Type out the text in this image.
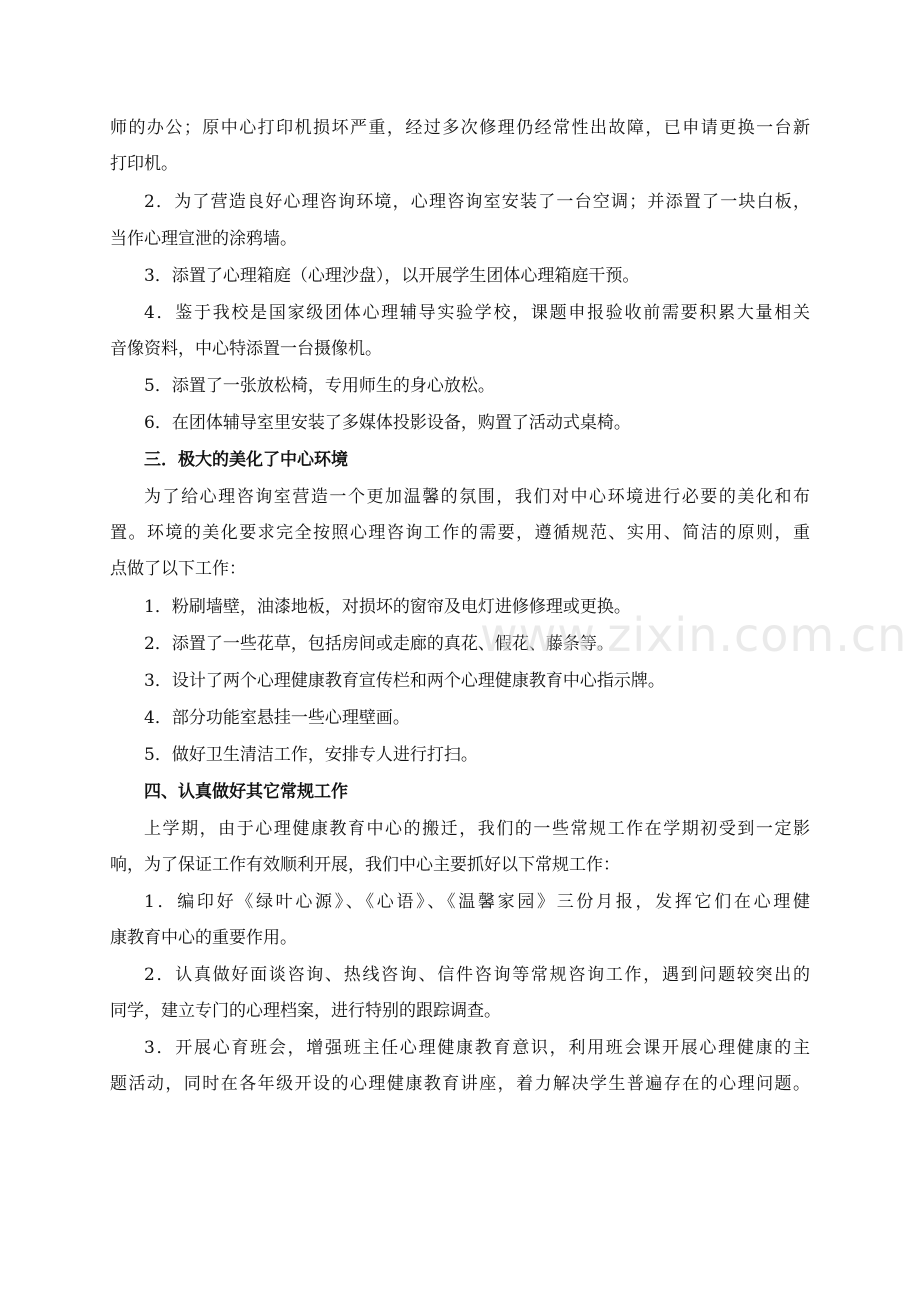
师的办公；原中心打印机损坏严重，经过多次修理仍经常性出故障，已申请更换一台新
打印机。
2．为了营造良好心理咨询环境，心理咨询室安装了一台空调；并添置了一块白板，
当作心理宣泄的涂鸦墙。
3．添置了心理箱庭（心理沙盘），以开展学生团体心理箱庭干预。
4．鉴于我校是国家级团体心理辅导实验学校，课题申报验收前需要积累大量相关
音像资料，中心特添置一台摄像机。
5．添置了一张放松椅，专用师生的身心放松。
6．在团体辅导室里安装了多媒体投影设备，购置了活动式桌椅。
三．极大的美化了中心环境
为了给心理咨询室营造一个更加温馨的氛围，我们对中心环境进行必要的美化和布
置。环境的美化要求完全按照心理咨询工作的需要，遵循规范、实用、简洁的原则，重
点做了以下工作：
1．粉刷墙壁，油漆地板，对损坏的窗帘及电灯进修修理或更换。
2．添置了一些花草，包括房间或走廊的真花、假花、藤条等。
3．设计了两个心理健康教育宣传栏和两个心理健康教育中心指示牌。
4．部分功能室悬挂一些心理壁画。
5．做好卫生清洁工作，安排专人进行打扫。
四、认真做好其它常规工作
上学期，由于心理健康教育中心的搬迁，我们的一些常规工作在学期初受到一定影
响，为了保证工作有效顺利开展，我们中心主要抓好以下常规工作：
1．编印好《绿叶心源》、《心语》、《温馨家园》三份月报，发挥它们在心理健
康教育中心的重要作用。
2．认真做好面谈咨询、热线咨询、信件咨询等常规咨询工作，遇到问题较突出的
同学，建立专门的心理档案，进行特别的跟踪调查。
3．开展心育班会，增强班主任心理健康教育意识，利用班会课开展心理健康的主
题活动，同时在各年级开设的心理健康教育讲座，着力解决学生普遍存在的心理问题。
www.zixin.com.cn
